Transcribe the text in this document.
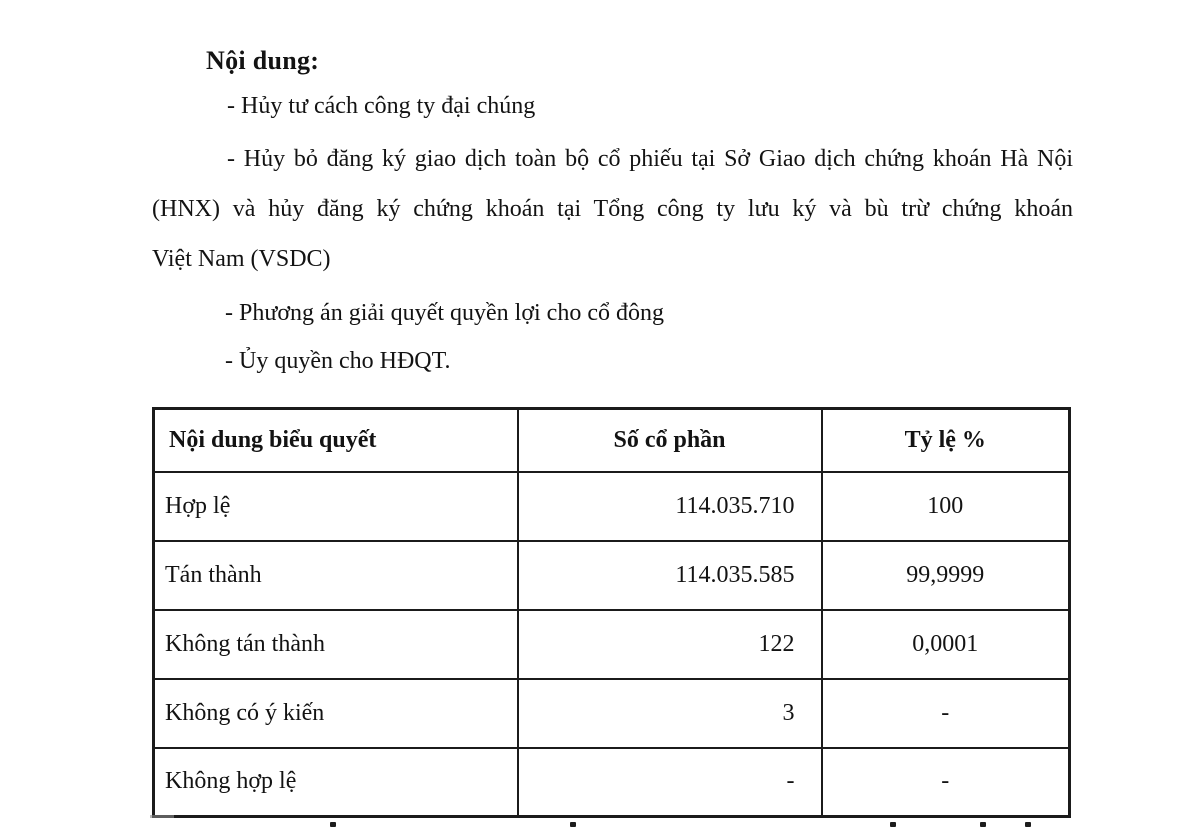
Nội dung:
- Hủy tư cách công ty đại chúng
- Hủy bỏ đăng ký giao dịch toàn bộ cổ phiếu tại Sở Giao dịch chứng khoán Hà Nội
(HNX) và hủy đăng ký chứng khoán tại Tổng công ty lưu ký và bù trừ chứng khoán
Việt Nam (VSDC)
- Phương án giải quyết quyền lợi cho cổ đông
- Ủy quyền cho HĐQT.
Nội dung biểu quyết	Số cổ phần	Tỷ lệ %
Hợp lệ	114.035.710	100
Tán thành	114.035.585	99,9999
Không tán thành	122	0,0001
Không có ý kiến	3	-
Không hợp lệ	-	-
